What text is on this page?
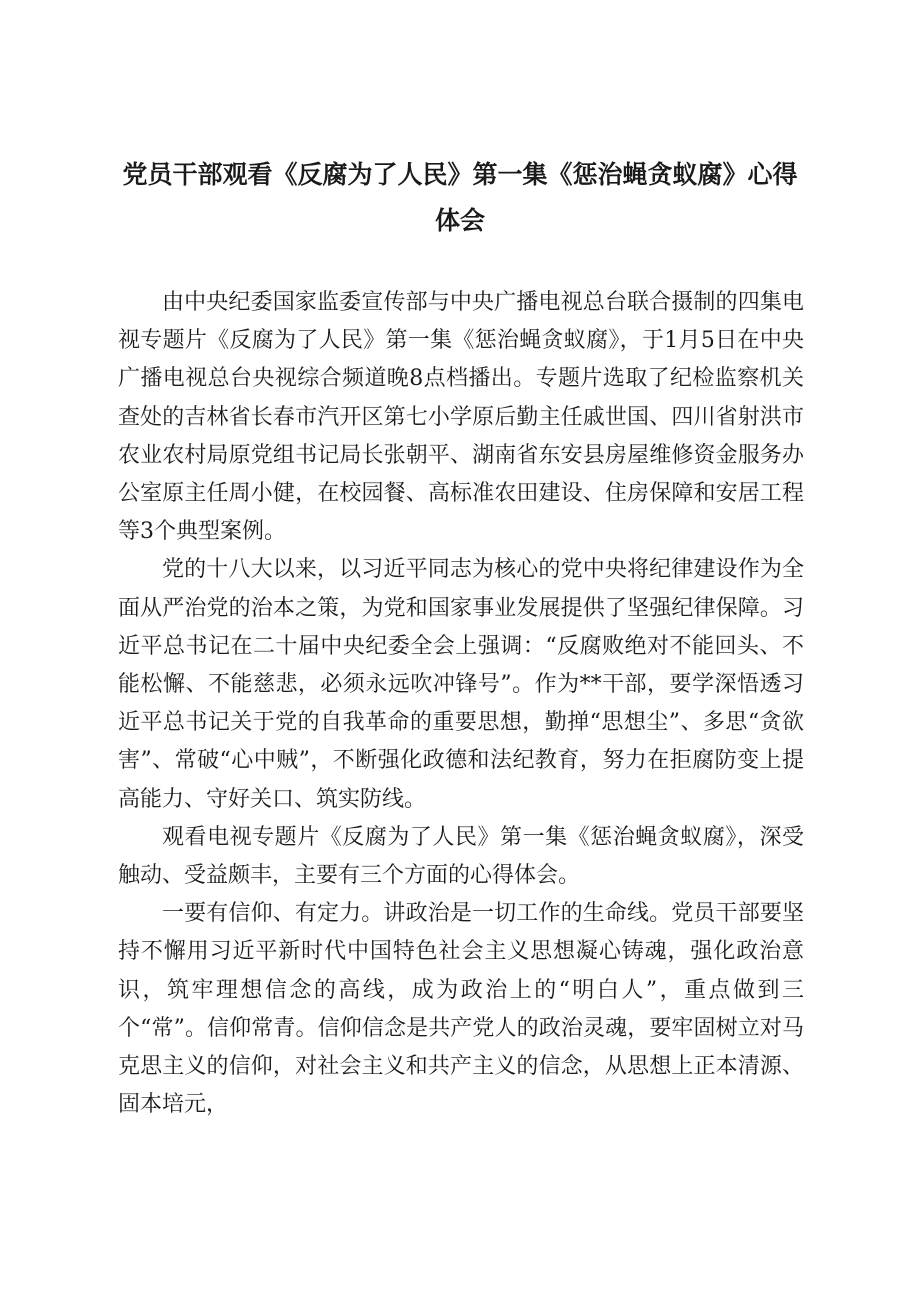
党员干部观看《反腐为了人民》第一集《惩治蝇贪蚁腐》心得体会

由中央纪委国家监委宣传部与中央广播电视总台联合摄制的四集电视专题片《反腐为了人民》第一集《惩治蝇贪蚁腐》，于1月5日在中央广播电视总台央视综合频道晚8点档播出。专题片选取了纪检监察机关查处的吉林省长春市汽开区第七小学原后勤主任戚世国、四川省射洪市农业农村局原党组书记局长张朝平、湖南省东安县房屋维修资金服务办公室原主任周小健，在校园餐、高标准农田建设、住房保障和安居工程等3个典型案例。

党的十八大以来，以习近平同志为核心的党中央将纪律建设作为全面从严治党的治本之策，为党和国家事业发展提供了坚强纪律保障。习近平总书记在二十届中央纪委全会上强调：“反腐败绝对不能回头、不能松懈、不能慈悲，必须永远吹冲锋号”。作为**干部，要学深悟透习近平总书记关于党的自我革命的重要思想，勤掸“思想尘”、多思“贪欲害”、常破“心中贼”，不断强化政德和法纪教育，努力在拒腐防变上提高能力、守好关口、筑实防线。

观看电视专题片《反腐为了人民》第一集《惩治蝇贪蚁腐》，深受触动、受益颇丰，主要有三个方面的心得体会。

一要有信仰、有定力。讲政治是一切工作的生命线。党员干部要坚持不懈用习近平新时代中国特色社会主义思想凝心铸魂，强化政治意识，筑牢理想信念的高线，成为政治上的“明白人”，重点做到三个“常”。信仰常青。信仰信念是共产党人的政治灵魂，要牢固树立对马克思主义的信仰，对社会主义和共产主义的信念，从思想上正本清源、固本培元，
